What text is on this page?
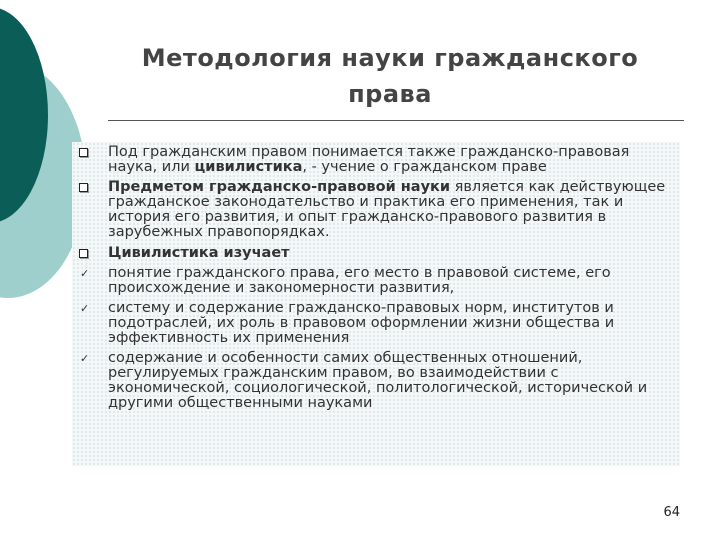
Методология науки гражданского права
Под гражданским правом понимается также гражданско-правовая наука, или цивилистика, - учение о гражданском праве
Предметом гражданско-правовой науки является как действующее гражданское законодательство и практика его применения, так и история его развития, и опыт гражданско-правового развития в зарубежных правопорядках.
Цивилистика изучает
✓ понятие гражданского права, его место в правовой системе, его происхождение и закономерности развития,
✓ систему и содержание гражданско-правовых норм, институтов и подотраслей, их роль в правовом оформлении жизни общества и эффективность их применения
✓ содержание и особенности самих общественных отношений, регулируемых гражданским правом, во взаимодействии с экономической, социологической, политологической, исторической и другими общественными науками
64
